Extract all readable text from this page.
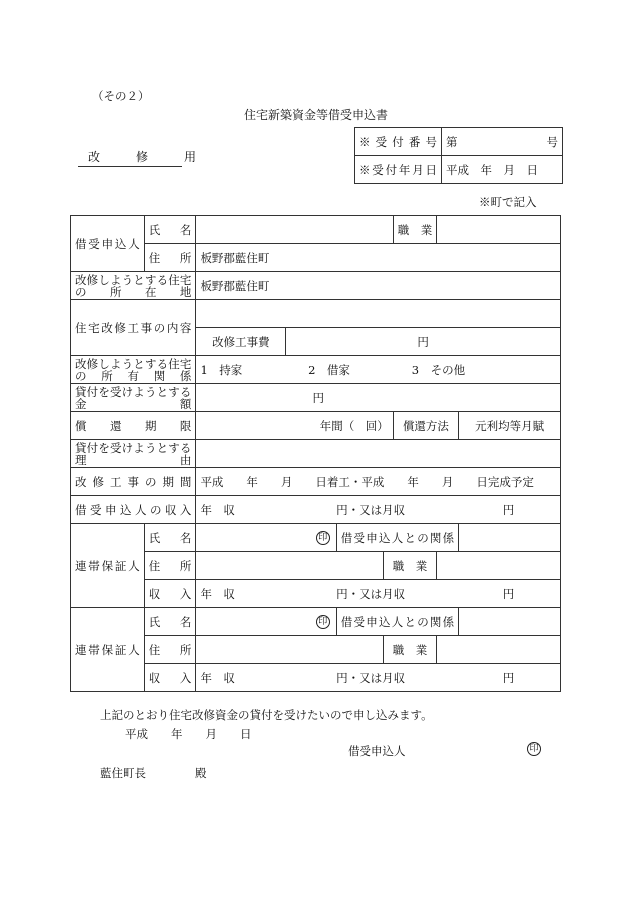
（その２）
住宅新築資金等借受申込書
改　修　用
※受付番号	第 号

※受付年月日	平成　年　月　日
※町で記入
借受申込人	氏　名					職　業		
	住　所	板野郡藍住町						
改修しようとする住宅の所在地		板野郡藍住町						
住宅改修工事の内容								
		改修工事費	円					
改修しようとする住宅の所有関係		1　持家 2　借家 3　その他						
貸付を受けようとする金額		円						
償還期限		年間（　回）				償還方法		元利均等月賦
貸付を受けようとする理由								
改修工事の期間		平成　　年　　月　　日着工・平成　　年　　月　　日完成予定						
借受申込人の収入		年　収 円・又は月収 円						
連帯保証人	氏　名	印		借受申込人との関係				
	住　所				職　業			
	収　入	年　収 円・又は月収 円						
連帯保証人	氏　名	印		借受申込人との関係				
	住　所				職　業			
	収　入	年　収 円・又は月収 円						
上記のとおり住宅改修資金の貸付を受けたいので申し込みます。
平成　　年　　月　　日
借受申込人	印
藍住町長	殿
